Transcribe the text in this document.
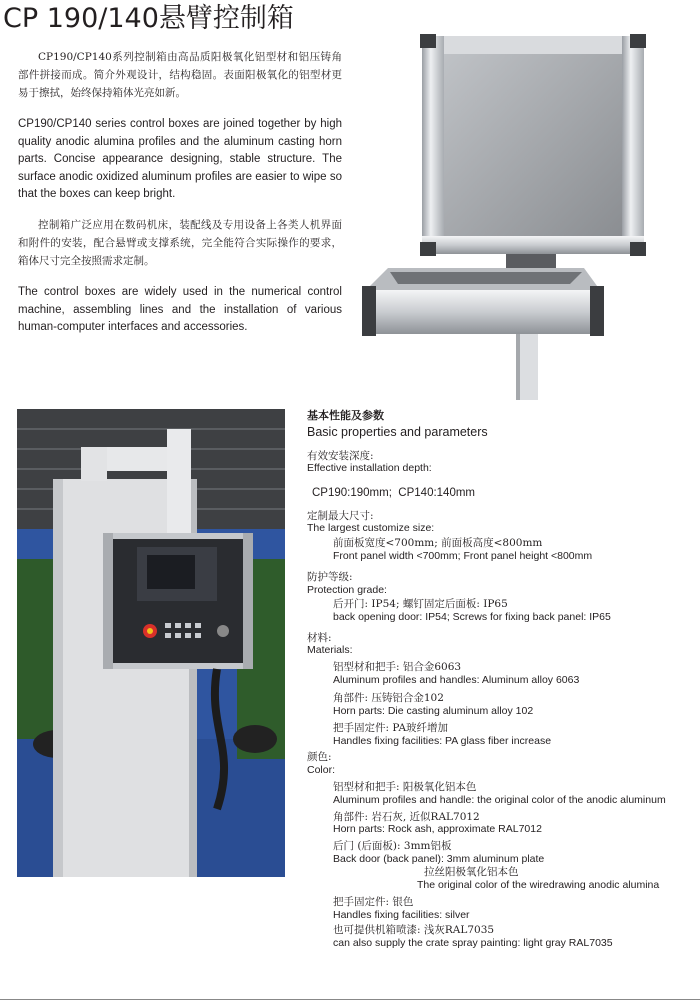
CP 190/140悬臂控制箱
CP190/CP140系列控制箱由高品质阳极氧化铝型材和铝压铸角部件拼接而成。简介外观设计，结构稳固。表面阳极氧化的铝型材更易于擦拭，始终保持箱体光亮如新。
CP190/CP140 series control boxes are joined together by high quality anodic alumina profiles and the aluminum casting horn parts. Concise appearance designing, stable structure. The surface anodic oxidized aluminum profiles are easier to wipe so that the boxes can keep bright.
控制箱广泛应用在数码机床，装配线及专用设备上各类人机界面和附件的安装，配合悬臂或支撑系统，完全能符合实际操作的要求，箱体尺寸完全按照需求定制。
The control boxes are widely used in the numerical control machine, assembling lines and the installation of various human-computer interfaces and accessories.
基本性能及参数
Basic properties and parameters
有效安装深度:
Effective installation depth:
CP190:190mm; CP140:140mm
定制最大尺寸:
The largest customize size:
前面板宽度<700mm; 前面板高度<800mm
Front panel width <700mm; Front panel height <800mm
防护等级:
Protection grade:
后开门: IP54; 螺钉固定后面板: IP65
back opening door: IP54; Screws for fixing back panel: IP65
材料:
Materials:
铝型材和把手: 铝合金6063
Aluminum profiles and handles: Aluminum alloy 6063
角部件: 压铸铝合金102
Horn parts: Die casting aluminum alloy 102
把手固定件: PA玻纤增加
Handles fixing facilities: PA glass fiber increase
颜色:
Color:
铝型材和把手: 阳极氧化铝本色
Aluminum profiles and handle: the original color of the anodic aluminum
角部件: 岩石灰, 近似RAL7012
Horn parts: Rock ash, approximate RAL7012
后门 (后面板): 3mm铝板
Back door (back panel): 3mm aluminum plate
拉丝阳极氧化铝本色
The original color of the wiredrawing anodic alumina
把手固定件: 银色
Handles fixing facilities: silver
也可提供机箱喷漆: 浅灰RAL7035
can also supply the crate spray painting: light gray RAL7035
